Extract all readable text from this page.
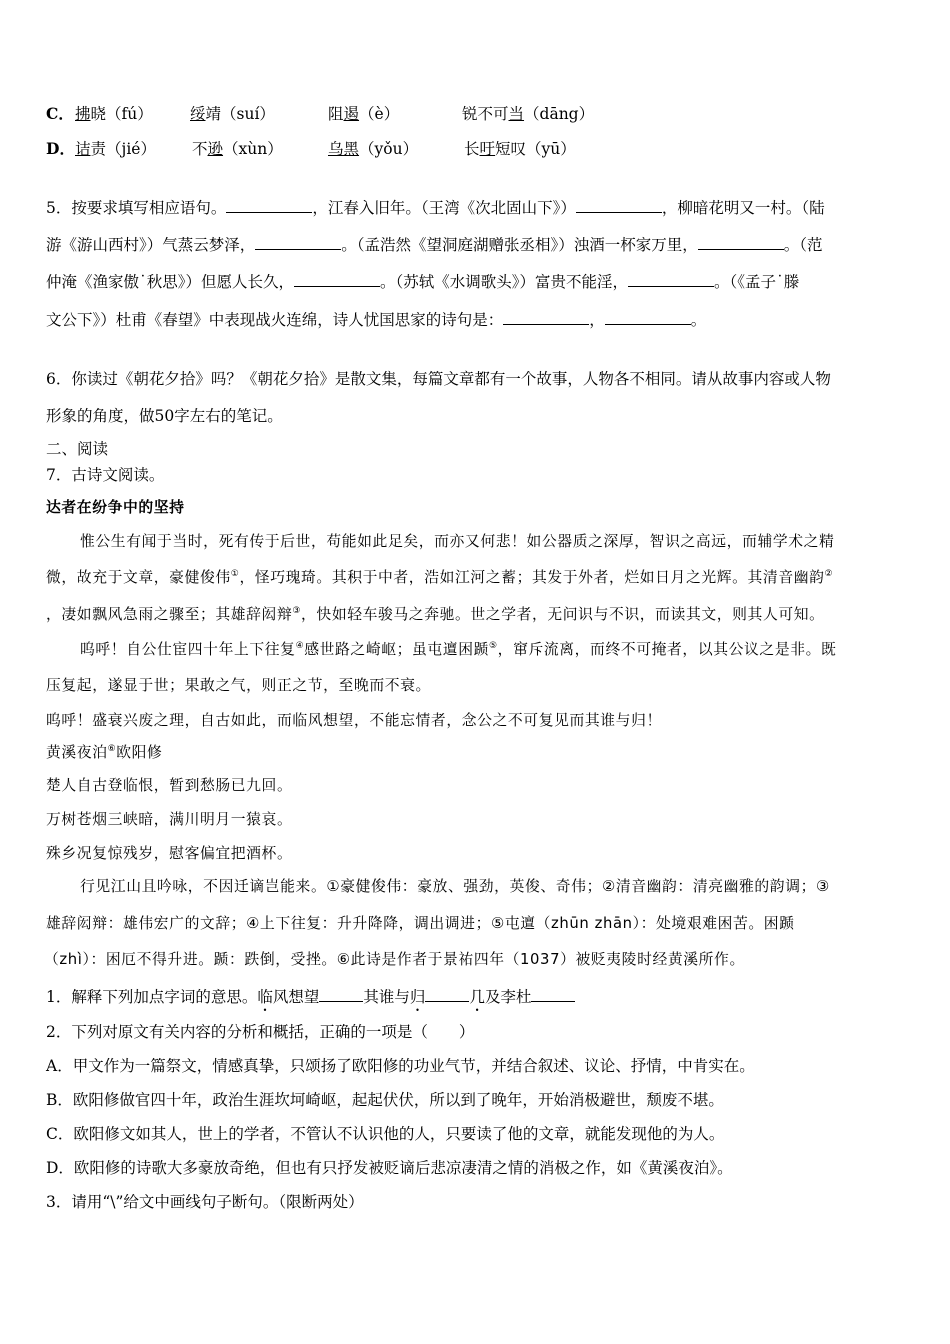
C． 拂晓（fú） 绥靖（suí）	阻遏（è）	锐不可当（dāng）
D． 诘责（jié） 不逊（xùn）	乌黑（yǒu）	长吁短叹（yū）
5．按要求填写相应语句。	，江春入旧年。（王湾《次北固山下》）	，柳暗花明又一村。（陆
游《游山西村》）气蒸云梦泽，	。（孟浩然《望洞庭湖赠张丞相》）浊酒一杯家万里，	。（范
仲淹《渔家傲˙秋思》）但愿人长久，	。（苏轼《水调歌头》）富贵不能淫，	。（《孟子˙滕
文公下》）杜甫《春望》中表现战火连绵，诗人忧国思家的诗句是：	，	。
6．你读过《朝花夕拾》吗？《朝花夕拾》是散文集，每篇文章都有一个故事，人物各不相同。请从故事内容或人物
形象的角度，做50字左右的笔记。
二、阅读
7．古诗文阅读。
达者在纷争中的坚持
惟公生有闻于当时，死有传于后世，苟能如此足矣，而亦又何悲！如公器质之深厚，智识之高远，而辅学术之精
微，故充于文章，豪健俊伟①，怪巧瑰琦。其积于中者，浩如江河之蓄；其发于外者，烂如日月之光辉。其清音幽韵②
，凄如飘风急雨之骤至；其雄辞闳辩③，快如轻车骏马之奔驰。世之学者，无问识与不识，而读其文，则其人可知。
呜呼！自公仕宦四十年上下往复④感世路之崎岖；虽屯邅困踬⑤，窜斥流离，而终不可掩者，以其公议之是非。既
压复起，遂显于世；果敢之气，则正之节，至晚而不衰。
呜呼！盛衰兴废之理，自古如此，而临风想望，不能忘情者，念公之不可复见而其谁与归！
黄溪夜泊⑥欧阳修
楚人自古登临恨，暂到愁肠已九回。
万树苍烟三峡暗，满川明月一猿哀。
殊乡况复惊残岁，慰客偏宜把酒杯。
行见江山且吟咏，不因迁谪岂能来。①豪健俊伟：豪放、强劲，英俊、奇伟；②清音幽韵：清亮幽雅的韵调；③
雄辞闳辩：雄伟宏广的文辞；④上下往复：升升降降，调出调进；⑤屯邅（zhūn zhān）：处境艰难困苦。困踬
（zhì）：困厄不得升进。踬：跌倒，受挫。⑥此诗是作者于景祐四年（1037）被贬夷陵时经黄溪所作。
1．解释下列加点字词的意思。临风想望	其谁与归	几及李杜
2．下列对原文有关内容的分析和概括，正确的一项是（　　）
A．甲文作为一篇祭文，情感真挚，只颂扬了欧阳修的功业气节，并结合叙述、议论、抒情，中肯实在。
B．欧阳修做官四十年，政治生涯坎坷崎岖，起起伏伏，所以到了晚年，开始消极避世，颓废不堪。
C．欧阳修文如其人，世上的学者，不管认不认识他的人，只要读了他的文章，就能发现他的为人。
D．欧阳修的诗歌大多豪放奇绝，但也有只抒发被贬谪后悲凉凄清之情的消极之作，如《黄溪夜泊》。
3．请用“\”给文中画线句子断句。（限断两处）
